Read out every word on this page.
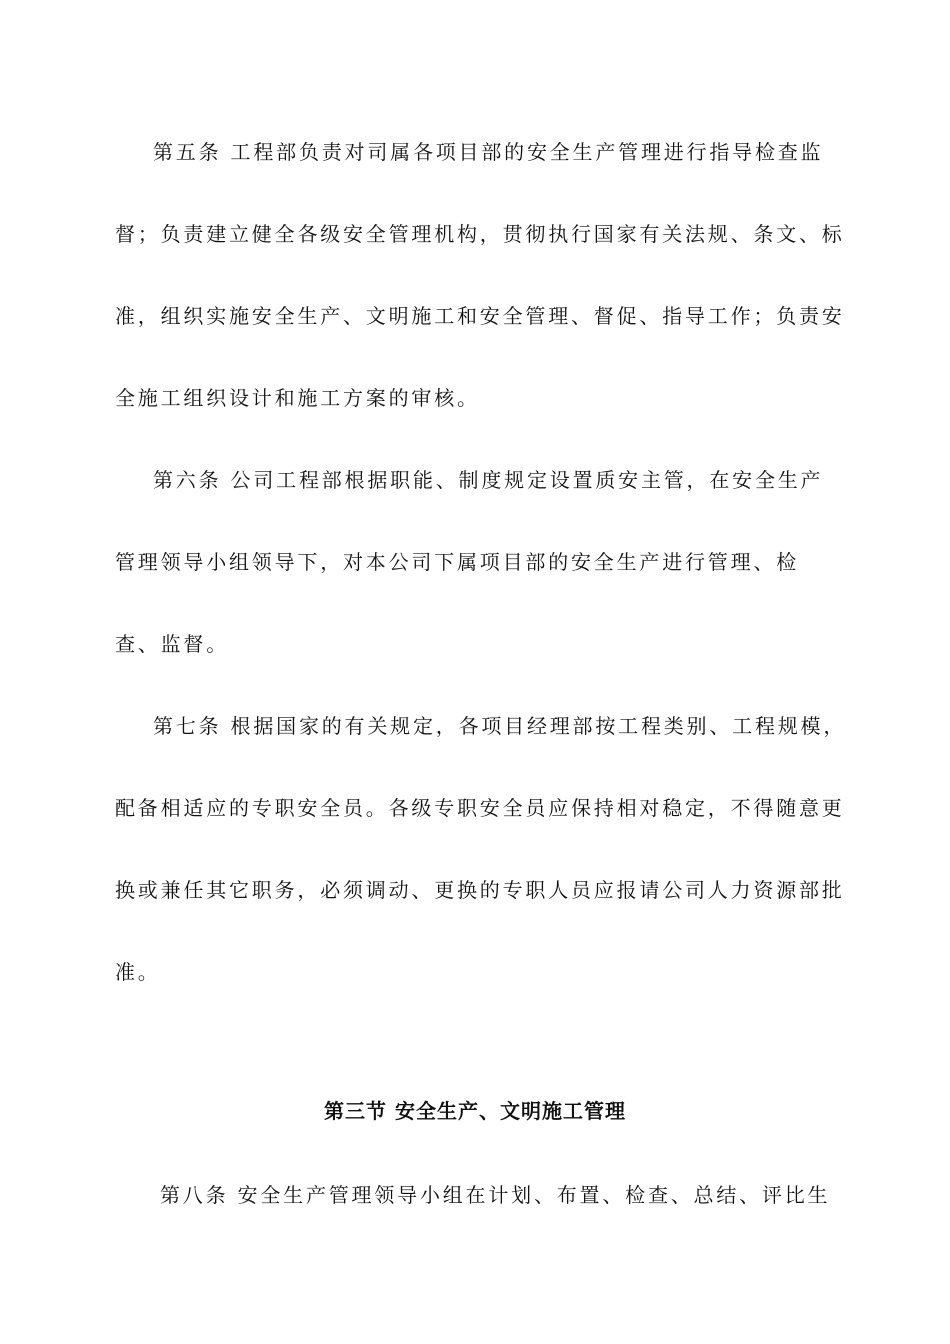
第五条 工程部负责对司属各项目部的安全生产管理进行指导检查监
督；负责建立健全各级安全管理机构，贯彻执行国家有关法规、条文、标
准，组织实施安全生产、文明施工和安全管理、督促、指导工作；负责安
全施工组织设计和施工方案的审核。
第六条 公司工程部根据职能、制度规定设置质安主管，在安全生产
管理领导小组领导下，对本公司下属项目部的安全生产进行管理、检
查、监督。
第七条 根据国家的有关规定，各项目经理部按工程类别、工程规模，
配备相适应的专职安全员。各级专职安全员应保持相对稳定，不得随意更
换或兼任其它职务，必须调动、更换的专职人员应报请公司人力资源部批
准。
第三节 安全生产、文明施工管理
第八条 安全生产管理领导小组在计划、布置、检查、总结、评比生
